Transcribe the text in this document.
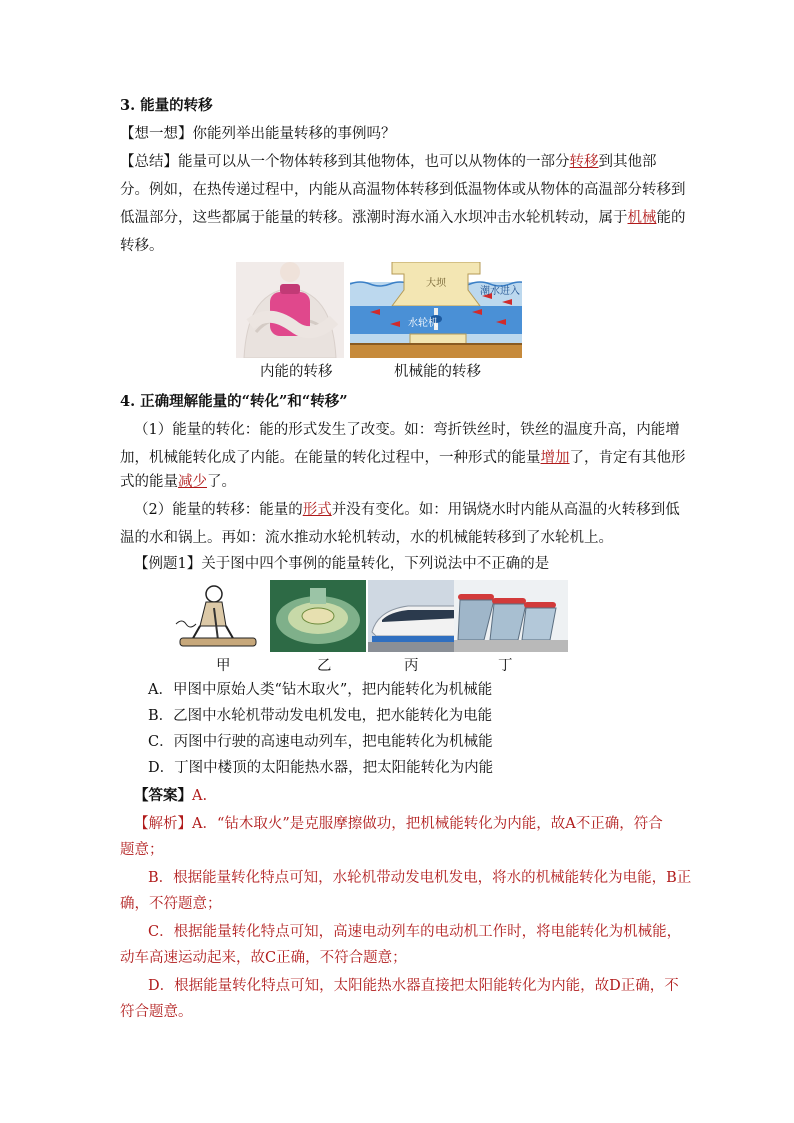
3. 能量的转移
【想一想】你能列举出能量转移的事例吗？
【总结】能量可以从一个物体转移到其他物体，也可以从物体的一部分转移到其他部
分。例如，在热传递过程中，内能从高温物体转移到低温物体或从物体的高温部分转移到
低温部分，这些都属于能量的转移。涨潮时海水涌入水坝冲击水轮机转动，属于机械能的
转移。
内能的转移
大坝
潮水进入
水轮机
机械能的转移
4. 正确理解能量的“转化”和“转移”
（1）能量的转化：能的形式发生了改变。如：弯折铁丝时，铁丝的温度升高，内能增
加，机械能转化成了内能。在能量的转化过程中，一种形式的能量增加了，肯定有其他形
式的能量减少了。
（2）能量的转移：能量的形式并没有变化。如：用锅烧水时内能从高温的火转移到低
温的水和锅上。再如：流水推动水轮机转动，水的机械能转移到了水轮机上。
【例题1】关于图中四个事例的能量转化，下列说法中不正确的是
甲	乙	丙	丁
A．甲图中原始人类“钻木取火”，把内能转化为机械能
B．乙图中水轮机带动发电机发电，把水能转化为电能
C．丙图中行驶的高速电动列车，把电能转化为机械能
D．丁图中楼顶的太阳能热水器，把太阳能转化为内能
【答案】A.
【解析】A．“钻木取火”是克服摩擦做功，把机械能转化为内能，故A不正确，符合
题意；
B．根据能量转化特点可知，水轮机带动发电机发电，将水的机械能转化为电能，B正
确，不符题意；
C．根据能量转化特点可知，高速电动列车的电动机工作时，将电能转化为机械能，
动车高速运动起来，故C正确，不符合题意；
D．根据能量转化特点可知，太阳能热水器直接把太阳能转化为内能，故D正确，不
符合题意。
